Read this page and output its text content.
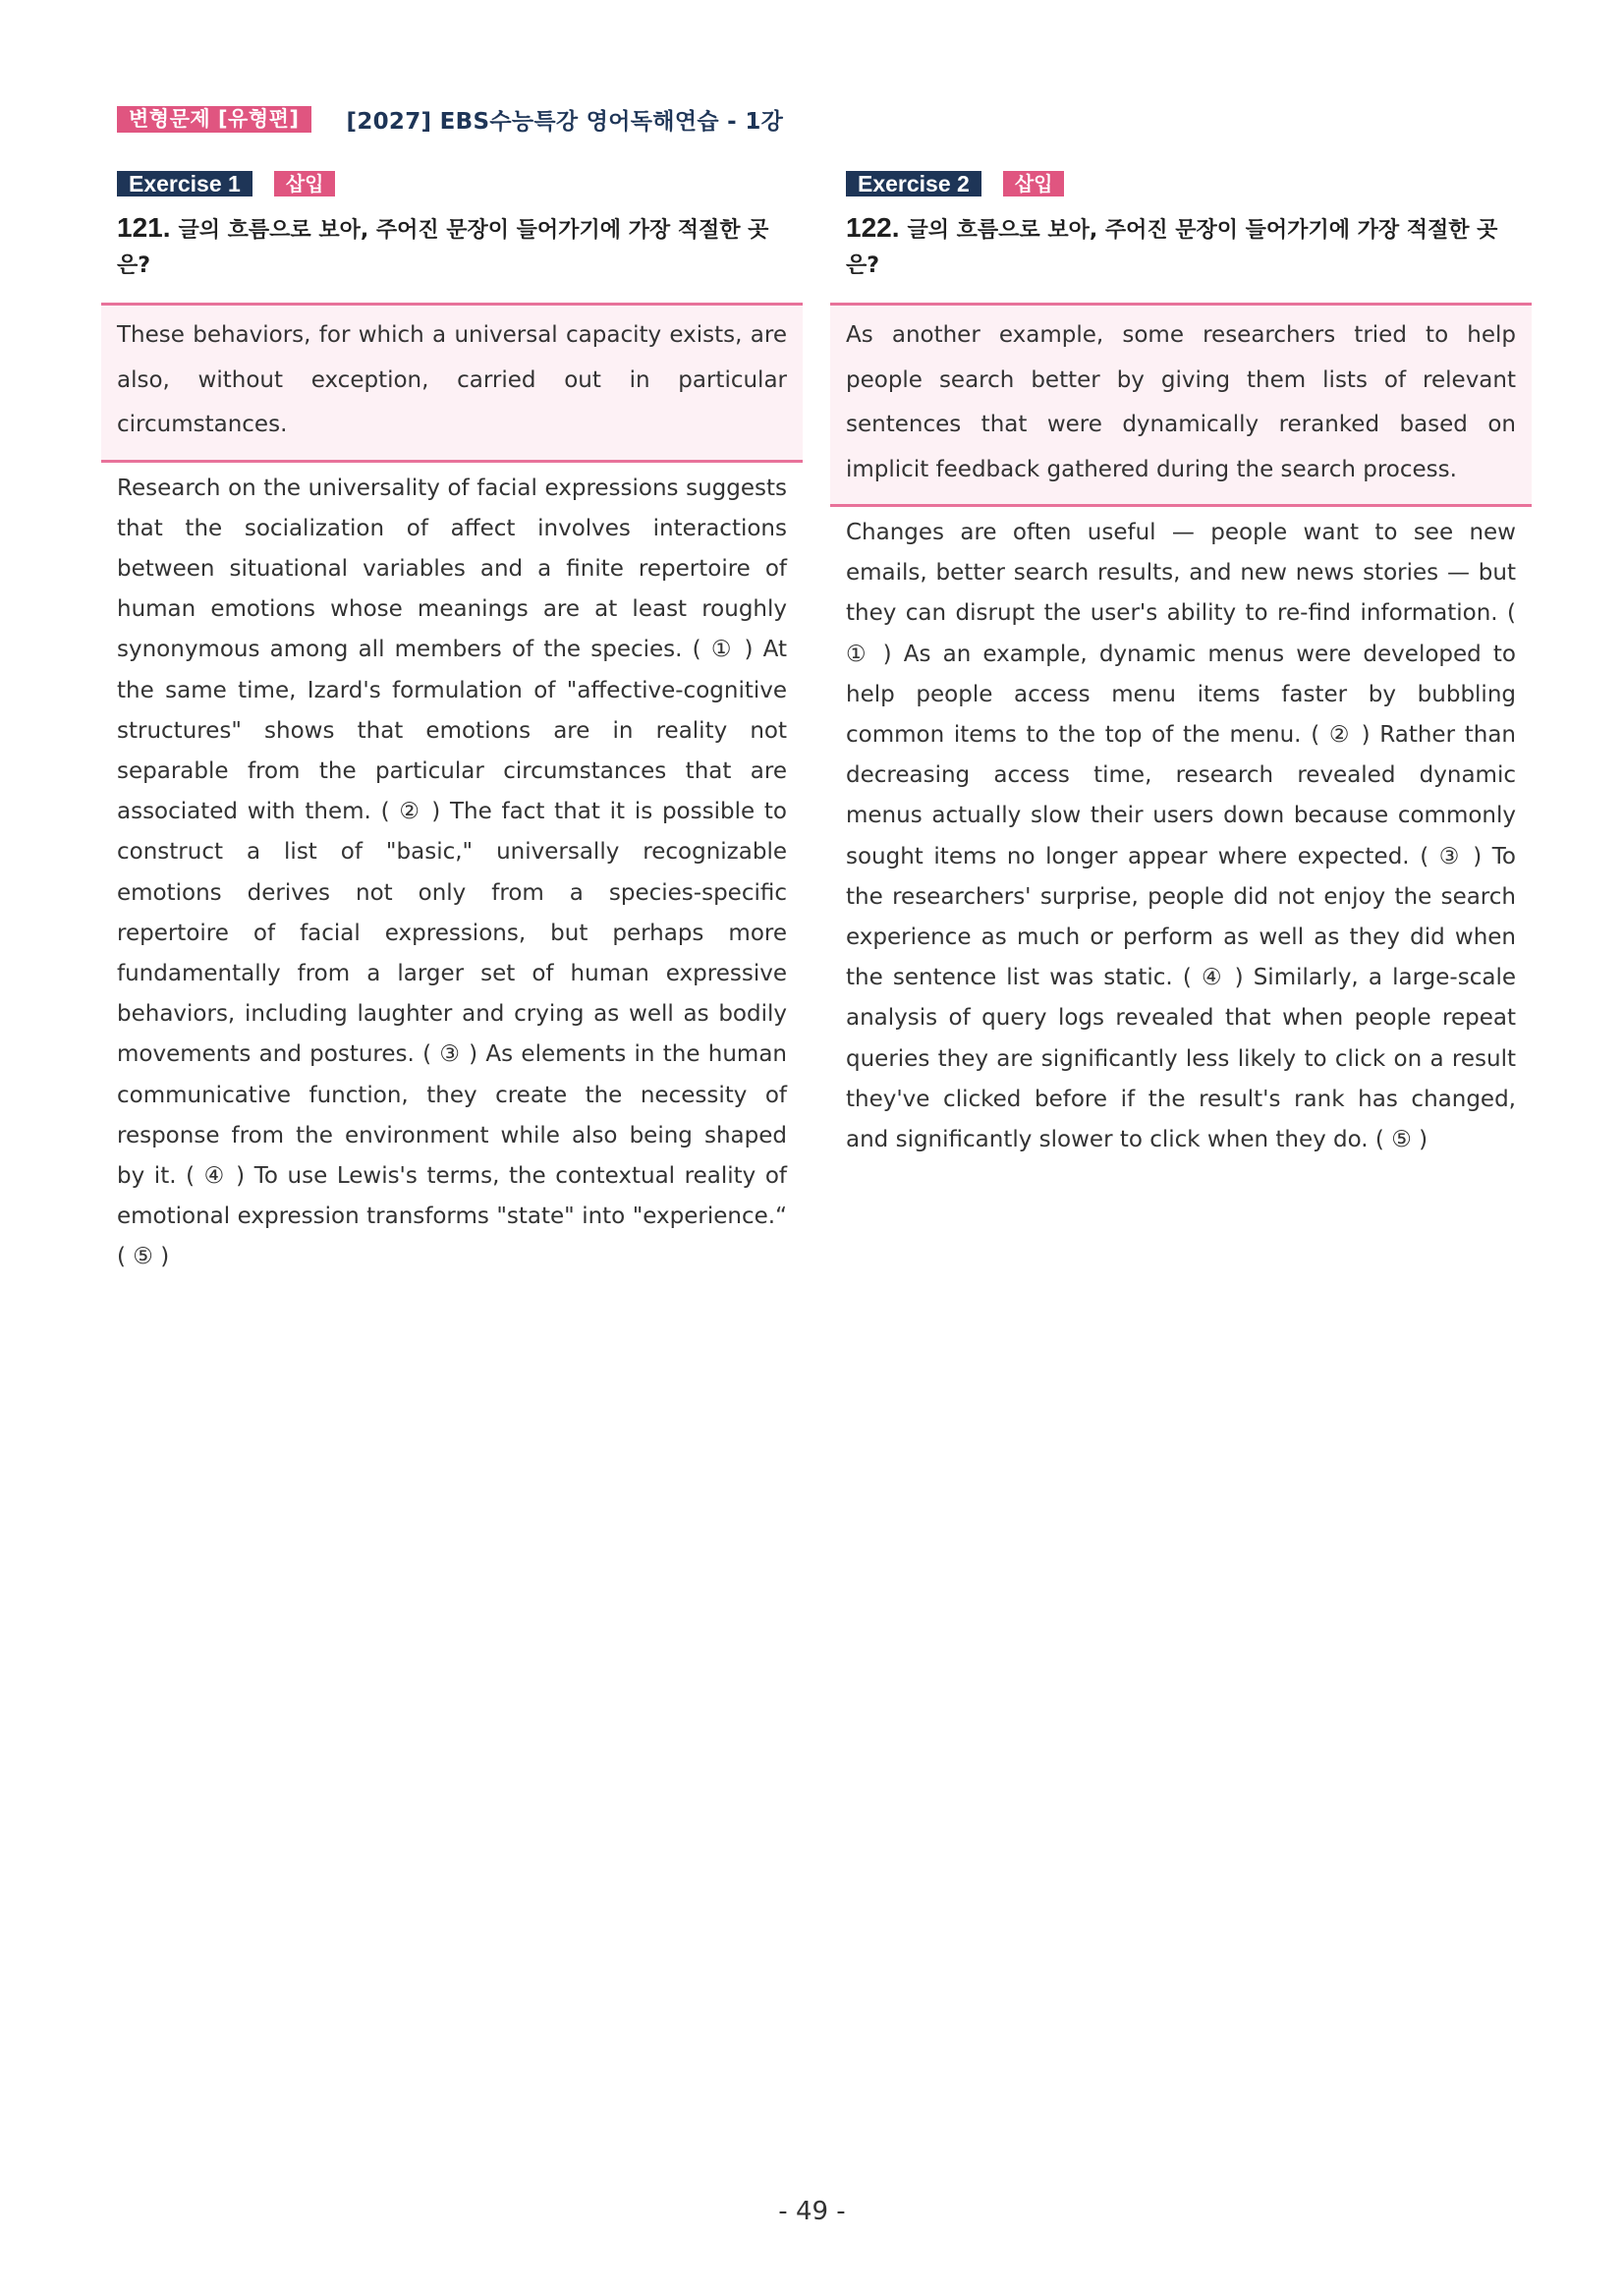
변형문제 [유형편]	[2027] EBS수능특강 영어독해연습 - 1강
Exercise 1	삽입
121. 글의 흐름으로 보아, 주어진 문장이 들어가기에 가장 적절한 곳은?
These behaviors, for which a universal capacity exists, are also, without exception, carried out in particular circumstances.
Research on the universality of facial expressions suggests that the socialization of affect involves interactions between situational variables and a finite repertoire of human emotions whose meanings are at least roughly synonymous among all members of the species. ( ① ) At the same time, Izard's formulation of "affective-cognitive structures" shows that emotions are in reality not separable from the particular circumstances that are associated with them. ( ② ) The fact that it is possible to construct a list of "basic," universally recognizable emotions derives not only from a species-specific repertoire of facial expressions, but perhaps more fundamentally from a larger set of human expressive behaviors, including laughter and crying as well as bodily movements and postures. ( ③ ) As elements in the human communicative function, they create the necessity of response from the environment while also being shaped by it. ( ④ ) To use Lewis's terms, the contextual reality of emotional expression transforms "state" into "experience.“ ( ⑤ )
Exercise 2	삽입
122. 글의 흐름으로 보아, 주어진 문장이 들어가기에 가장 적절한 곳은?
As another example, some researchers tried to help people search better by giving them lists of relevant sentences that were dynamically reranked based on implicit feedback gathered during the search process.
Changes are often useful — people want to see new emails, better search results, and new news stories — but they can disrupt the user's ability to re-find information. ( ① ) As an example, dynamic menus were developed to help people access menu items faster by bubbling common items to the top of the menu. ( ② ) Rather than decreasing access time, research revealed dynamic menus actually slow their users down because commonly sought items no longer appear where expected. ( ③ ) To the researchers' surprise, people did not enjoy the search experience as much or perform as well as they did when the sentence list was static. ( ④ ) Similarly, a large-scale analysis of query logs revealed that when people repeat queries they are significantly less likely to click on a result they've clicked before if the result's rank has changed, and significantly slower to click when they do. ( ⑤ )
- 49 -
